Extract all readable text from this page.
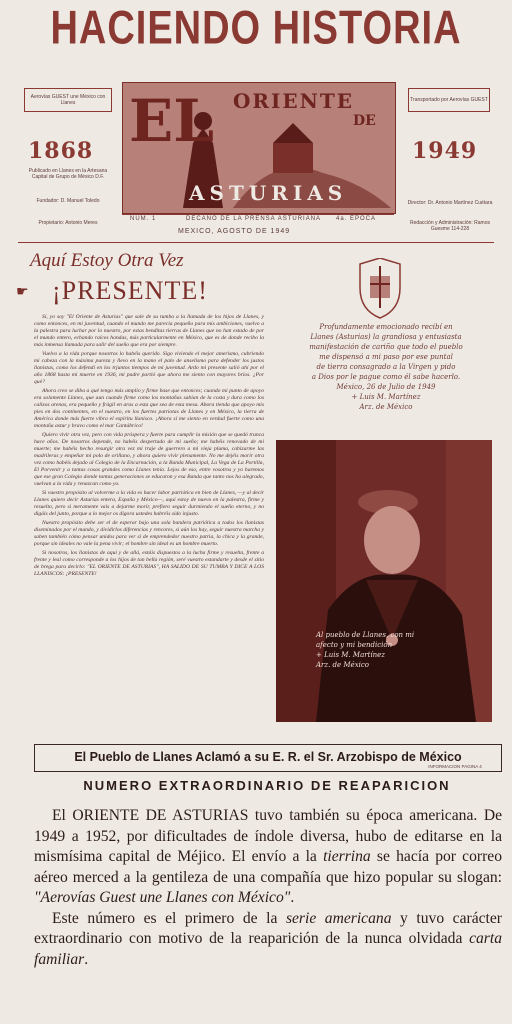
HACIENDO HISTORIA
Aerovías GUEST une México con Llanes
1868
Publicado en Llanes en la Artesana Capital de Grupo de México D.F.
Fundador: D. Manuel Toledo
Propietario: Antonio Meres
Transportado por Aerovías GUEST
1949
Director: Dr. Antonio Martínez Cuétara
Redacción y Administración: Ramos Guesme 114-228
EL ORIENTE
DE
ASTURIAS
NUM. 1	DECANO DE LA PRENSA ASTURIANA 4a. EPOCA
MEXICO, AGOSTO DE 1949
Aquí Estoy Otra Vez
☛ ¡PRESENTE!

Sí, yo soy "El Oriente de Asturias" que sale de su tumba a la llamada de los hijos de Llanes, y como entonces, en mi juventud, cuando el mundo me parecía pequeño para mis ambiciones, vuelvo a la palestra para luchar por lo nuestro, por estas benditas tierras de Llanes que no han estado de por el mundo entero, echando raíces hondas, más particularmente en México, que es de donde recibo la más inmensa llamada para salir del sueño que era por siempre.

Vuelvo a la vida porque nosotros lo habéis querido. Sigo viviendo el mejor amerismo, cubriendo mi cabeza con la máxima pureza y llevo en la mano el palo de anselismo para defender los justos llanistas, como los defendí en los trjuntos tiempos de mi juventud. Ardo mi presente salió ahí por el año 1868 hasta mi muerte en 1936, mi padre partió que ahora me siento con mayores bríos. ¿Por qué?

Ahora creo se diba a qué tengo más amplio y firme base que entonces; cuando mi punto de apoyo era solamente Llanes, que aun cuando firme como los montañas sabían de la costa y dura como los calizos arenas, era pequeño y frágil en aras a esta que sea de esta mesa. Ahora tienda que apoyo mis pies en dos continentes, en el nuestro, en los fuertes patriotas de Llanes y en México, la tierra de América donde más fuerte vibra el espíritu llanisco. ¡Ahora sí me siento en verdad fuerte como una montaña astur y bravo como el mar Cantábrico!

Quiero vivir otra vez, pero con vida próspera y fuerte para cumplir la misión que se quedó trunca hace años. De nosotros depende, no habéis despertado de mi sueño; me habéis renovado de mi muerte; me habéis hecho resurgir otra vez mi traje de guerrero a mi vieja pluma, cabizarme las madrileras y empeñar mi polo de orillano, y ahora quiero vivir plenamente. No me dejéis morir otra vez como habéis dejado al Colegio de la Encarnación, a la Banda Municipal, La Vega de La Portilla, El Porvenir y a tantas cosas grandes como Llanes tenía. Lejos de eso, entre vosotros y yo haremos que ese gran Colegio donde tantas generaciones se educaron y esa Banda que tanto nos ha alegrado, vuelvan a la vida y renazcan como yo.

Si vuestro propósito al volverme a la vida es hacer labor patriótica en bien de Llanes, —y al decir Llanes quiero decir Asturias entera, España y México—, aquí estoy de nuevo en la palestra, firme y resuelto, pero si meramente vais a dejarme morir, prefiero seguir durmiendo el sueño eterno, y no digáis del junto, porque a lo mejor os digora ustedes habréis sido injusto.

Nuestro propósito debe ser el de esperar bajo una sola bandera patriótica a todos los llanistas diseminados por el mundo, y dividirlos diferencias y rencores, si aún los hay, seguir nuestra marcha y saben también cómo pensar unidos para ver si de emprendedor nuestro patria, la chica y la grande, porque sin ideales no vale la pena vivir; el hombre sin ideal es un hombre muerto.

Si nosotros, los llanistas de aquí y de allá, estáis dispuestos a la lucha firme y resuelta, frente a frente y leal como corresponde a los hijos de tan bella región, seré vuestro estandarte y desde el sitio de brega para decirlo: "EL ORIENTE DE ASTURIAS", HA SALIDO DE SU TUMBA Y DICE A LOS LLANISCOS: ¡PRESENTE!

Profundamente emocionado recibí en
Llanes (Asturias) la grandiosa y entusiasta
manifestación de cariño que todo el pueblo
me dispensó a mi paso por ese puntal
de tierra consagrado a la Virgen y pido
a Dios por le pague como él sabe hacerlo.
México, 26 de Julio de 1949
+ Luis M. Martínez
Arz. de México
Al pueblo de Llanes, con mi
afecto y mi bendición
+ Luis M. Martínez
Arz. de México
El Pueblo de Llanes Aclamó a su E. R. el Sr. Arzobispo de México
INFORMACION PAGINA 4
NUMERO EXTRAORDINARIO DE REAPARICION

El ORIENTE DE ASTURIAS tuvo también su época americana. De 1949 a 1952, por dificultades de índole diversa, hubo de editarse en la mismísima capital de Méjico. El envío a la tierrina se hacía por correo aéreo merced a la gentileza de una compañía que hizo popular su slogan: "Aerovías Guest une Llanes con México".

Este número es el primero de la serie americana y tuvo carácter extraordinario con motivo de la reaparición de la nunca olvidada carta familiar.
